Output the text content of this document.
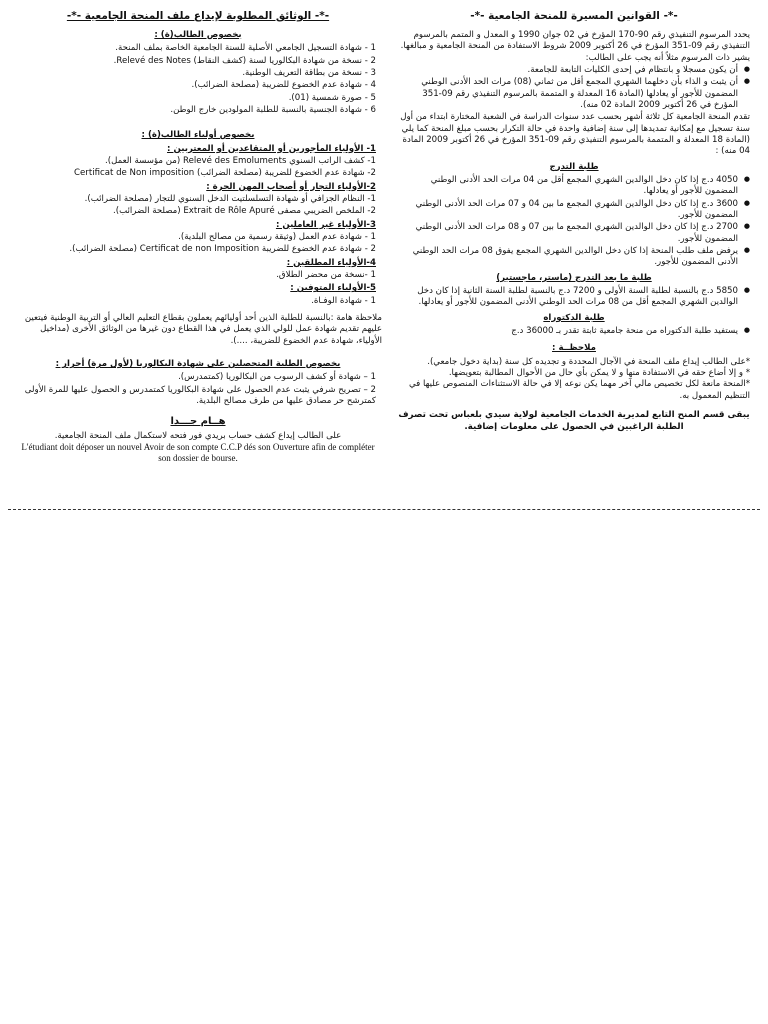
-*- القوانين المسيرة للمنحة الجامعية -*-

يحدد المرسوم التنفيذي رقم 90-170 المؤرخ في 02 جوان 1990 و المعدل و المتمم بالمرسوم التنفيذي رقم 09-351 المؤرخ في 26 أكتوبر 2009 شروط الاستفادة من المنحة الجامعية و مبالغها.

يشير ذات المرسوم مثلاً أنه يجب على الطالب:

● أن يكون مسجلا و بانتظام في إحدى الكليات التابعة للجامعة.
● أن يثبت و الذاء بأن دخلهما الشهري المجمع أقل من ثماني (08) مرات الحد الأدنى الوطني المضمون للأجور أو يعادلها (المادة 16 المعدلة و المتممة بالمرسوم التنفيذي رقم 09-351 المؤرخ في 26 أكتوبر 2009 المادة 02 منه).

تقدم المنحة الجامعية كل ثلاثة أشهر بحسب عدد سنوات الدراسة في الشعبة المختارة ابتداء من أول سنة تسجيل مع إمكانية تمديدها إلى سنة إضافية واحدة في حالة التكرار بحسب مبلغ المنحة كما يلي (المادة 18 المعدلة و المتممة بالمرسوم التنفيذي رقم 09-351 المؤرخ في 26 أكتوبر 2009 المادة 04 منه) :

طلبة التدرج

● 4050 د.ج إذا كان دخل الوالدين الشهري المجمع أقل من 04 مرات الحد الأدنى الوطني المضمون للأجور أو يعادلها.
● 3600 د.ج إذا كان دخل الوالدين الشهري المجمع ما بين 04 و 07 مرات الحد الأدنى الوطني المضمون للأجور.
● 2700 د.ج إذا كان دخل الوالدين الشهري المجمع ما بين 07 و 08 مرات الحد الأدنى الوطني المضمون للأجور.
● يرفض ملف طلب المنحة إذا كان دخل الوالدين الشهري المجمع يفوق 08 مرات الحد الوطني الأدنى المضمون للأجور.

طلبة ما بعد التدرج (ماستر، ماجستير)

● 5850 د.ج بالنسبة لطلبة السنة الأولى و 7200 د.ج بالنسبة لطلبة السنة الثانية إذا كان دخل الوالدين الشهري المجمع أقل من 08 مرات الحد الوطني الأدنى المضمون للأجور أو يعادلها.

طلبة الدكتوراه

● يستفيد طلبة الدكتوراه من منحة جامعية ثابتة تقدر بـ 36000 د.ج

ملاحظــة :

*على الطالب إيداع ملف المنحة في الآجال المحددة و تجديده كل سنة (بداية دخول جامعي).

* و إلا أضاع حقه في الاستفادة منها و لا يمكن بأي حال من الأحوال المطالبة بتعويضها.

*المنحة مانعة لكل تخصيص مالي آخر مهما يكن نوعه إلا في حالة الاستثناءات المنصوص عليها في التنظيم المعمول به.

يبقى قسم المنح التابع لمديرية الخدمات الجامعية لولاية سيدي بلعباس تحت تصرف الطلبة الراغبين في الحصول على معلومات إضافية.

-*- الوثائق المطلوبة لإيداع ملف المنحة الجامعية -*-

بخصوص الطالب(ة) :

1 - شهادة التسجيل الجامعي الأصلية للسنة الجامعية الخاصة بملف المنحة.
2 - نسخة من شهادة البكالوريا لسنة (كشف النقاط) Relevé des Notes.
3 - نسخة من بطاقة التعريف الوطنية.
4 - شهادة عدم الخضوع للضريبة (مصلحة الضرائب).
5 - صورة شمسية (01).
6 - شهادة الجنسية بالنسبة للطلبة المولودين خارج الوطن.

بخصوص أولياء الطالب(ة) :

1- الأولياء المأجورين أو المتقاعدين أو المعتربين :

1- كشف الراتب السنوي Relevé des Emoluments (من مؤسسة العمل).
2- شهادة عدم الخضوع للضريبة (مصلحة الضرائب) Certificat de Non imposition

2-الأولياء التجار أو أصحاب المهن الحرة :

1- النظام الجزافي أو شهادة التسلسلتيت الدخل السنوي للتجار (مصلحة الضرائب).
2- الملخص الضريبي مصفى Extrait de Rôle Apuré (مصلحة الضرائب).

3-الأولياء غير العاملين :

1 - شهادة عدم العمل (وثيقة رسمية من مصالح البلدية).
2 - شهادة عدم الخضوع للضريبة Certificat de non Imposition (مصلحة الضرائب).

4-الأولياء المطلقين :

1 -نسخة من محضر الطلاق.

5-الأولياء المتوفين :

1 - شهادة الوفـاة.

ملاحظة هامة :بالنسبة للطلبة الذين أحد أوليائهم يعملون بقطاع التعليم العالي أو التربية الوطنية فيتعين عليهم تقديم شهادة عمل للولي الذي يعمل في هذا القطاع دون غيرها من الوثائق الأخرى (مداخيل الأولياء، شهادة عدم الخضوع للضريبة، ....).

بخصوص الطلبة المتحصلين على شهادة البكالوريا (لأول مرة) أحرار :

1 – شهادة أو كشف الرسوب من البكالوريا (كمتمدرس).
2 – تصريح شرفي يثبت عدم الحصول على شهادة البكالوريا كمتمدرس و الحصول عليها للمرة الأولى كمترشح حر مصادق عليها من طرف مصالح البلدية.

هــام جـــدا

على الطالب إيداع كشف حساب بريدي فور فتحه لاستكمال ملف المنحة الجامعية.

L'étudiant doit déposer un nouvel Avoir de son compte C.C.P dés son Ouverture afin de compléter son dossier de bourse.
